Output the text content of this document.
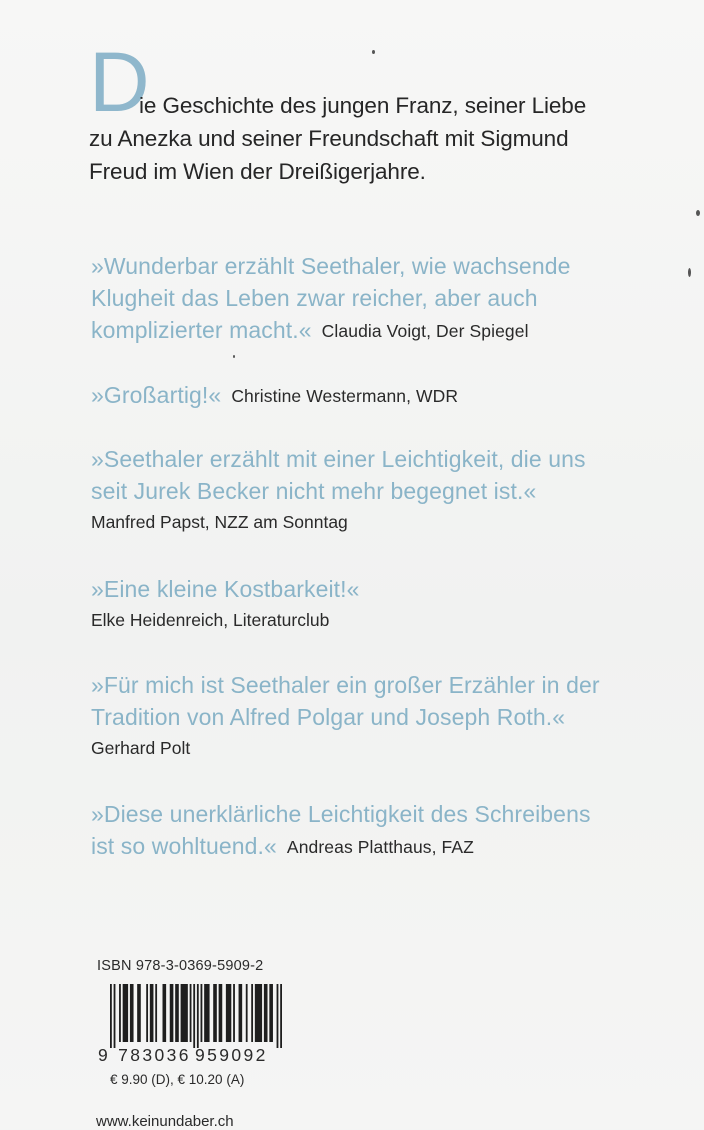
D
ie Geschichte des jungen Franz, seiner Liebe
zu Anezka und seiner Freundschaft mit Sigmund
Freud im Wien der Dreißigerjahre.
»Wunderbar erzählt Seethaler, wie wachsende
Klugheit das Leben zwar reicher, aber auch
komplizierter macht.« Claudia Voigt, Der Spiegel
»Großartig!« Christine Westermann, WDR
»Seethaler erzählt mit einer Leichtigkeit, die uns
seit Jurek Becker nicht mehr begegnet ist.«
Manfred Papst, NZZ am Sonntag
»Eine kleine Kostbarkeit!«
Elke Heidenreich, Literaturclub
»Für mich ist Seethaler ein großer Erzähler in der
Tradition von Alfred Polgar und Joseph Roth.«
Gerhard Polt
»Diese unerklärliche Leichtigkeit des Schreibens
ist so wohltuend.« Andreas Platthaus, FAZ
ISBN 978-3-0369-5909-2
9 783036 959092
€ 9.90 (D), € 10.20 (A)
www.keinundaber.ch
